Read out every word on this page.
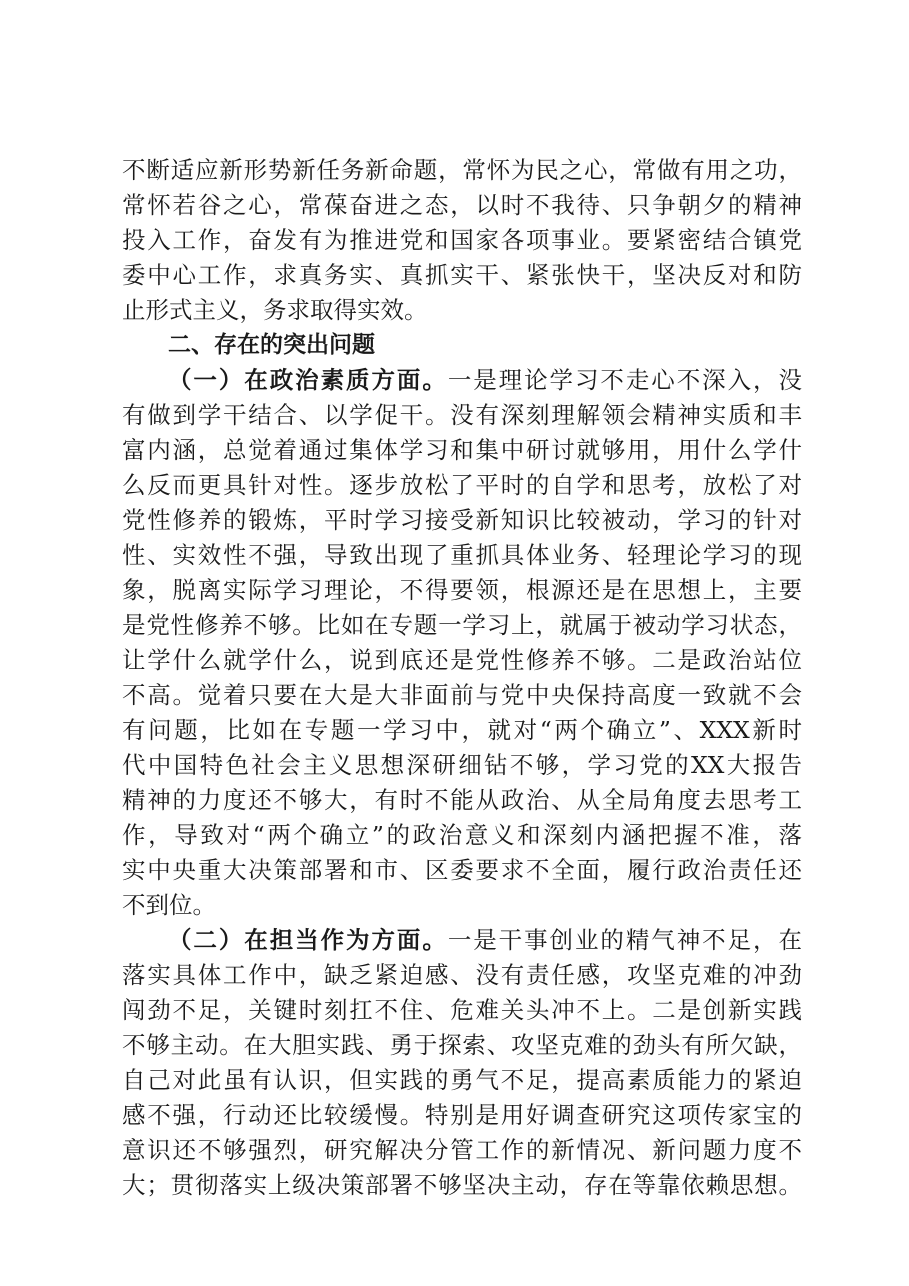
不断适应新形势新任务新命题，常怀为民之心，常做有用之功，
常怀若谷之心，常葆奋进之态，以时不我待、只争朝夕的精神
投入工作，奋发有为推进党和国家各项事业。要紧密结合镇党
委中心工作，求真务实、真抓实干、紧张快干，坚决反对和防
止形式主义，务求取得实效。
二、存在的突出问题
（一）在政治素质方面。一是理论学习不走心不深入，没
有做到学干结合、以学促干。没有深刻理解领会精神实质和丰
富内涵，总觉着通过集体学习和集中研讨就够用，用什么学什
么反而更具针对性。逐步放松了平时的自学和思考，放松了对
党性修养的锻炼，平时学习接受新知识比较被动，学习的针对
性、实效性不强，导致出现了重抓具体业务、轻理论学习的现
象，脱离实际学习理论，不得要领，根源还是在思想上，主要
是党性修养不够。比如在专题一学习上，就属于被动学习状态，
让学什么就学什么，说到底还是党性修养不够。二是政治站位
不高。觉着只要在大是大非面前与党中央保持高度一致就不会
有问题，比如在专题一学习中，就对“两个确立”、XXX新时
代中国特色社会主义思想深研细钻不够，学习党的XX大报告
精神的力度还不够大，有时不能从政治、从全局角度去思考工
作，导致对“两个确立”的政治意义和深刻内涵把握不准，落
实中央重大决策部署和市、区委要求不全面，履行政治责任还
不到位。
（二）在担当作为方面。一是干事创业的精气神不足，在
落实具体工作中，缺乏紧迫感、没有责任感，攻坚克难的冲劲
闯劲不足，关键时刻扛不住、危难关头冲不上。二是创新实践
不够主动。在大胆实践、勇于探索、攻坚克难的劲头有所欠缺，
自己对此虽有认识，但实践的勇气不足，提高素质能力的紧迫
感不强，行动还比较缓慢。特别是用好调查研究这项传家宝的
意识还不够强烈，研究解决分管工作的新情况、新问题力度不
大；贯彻落实上级决策部署不够坚决主动，存在等靠依赖思想。
